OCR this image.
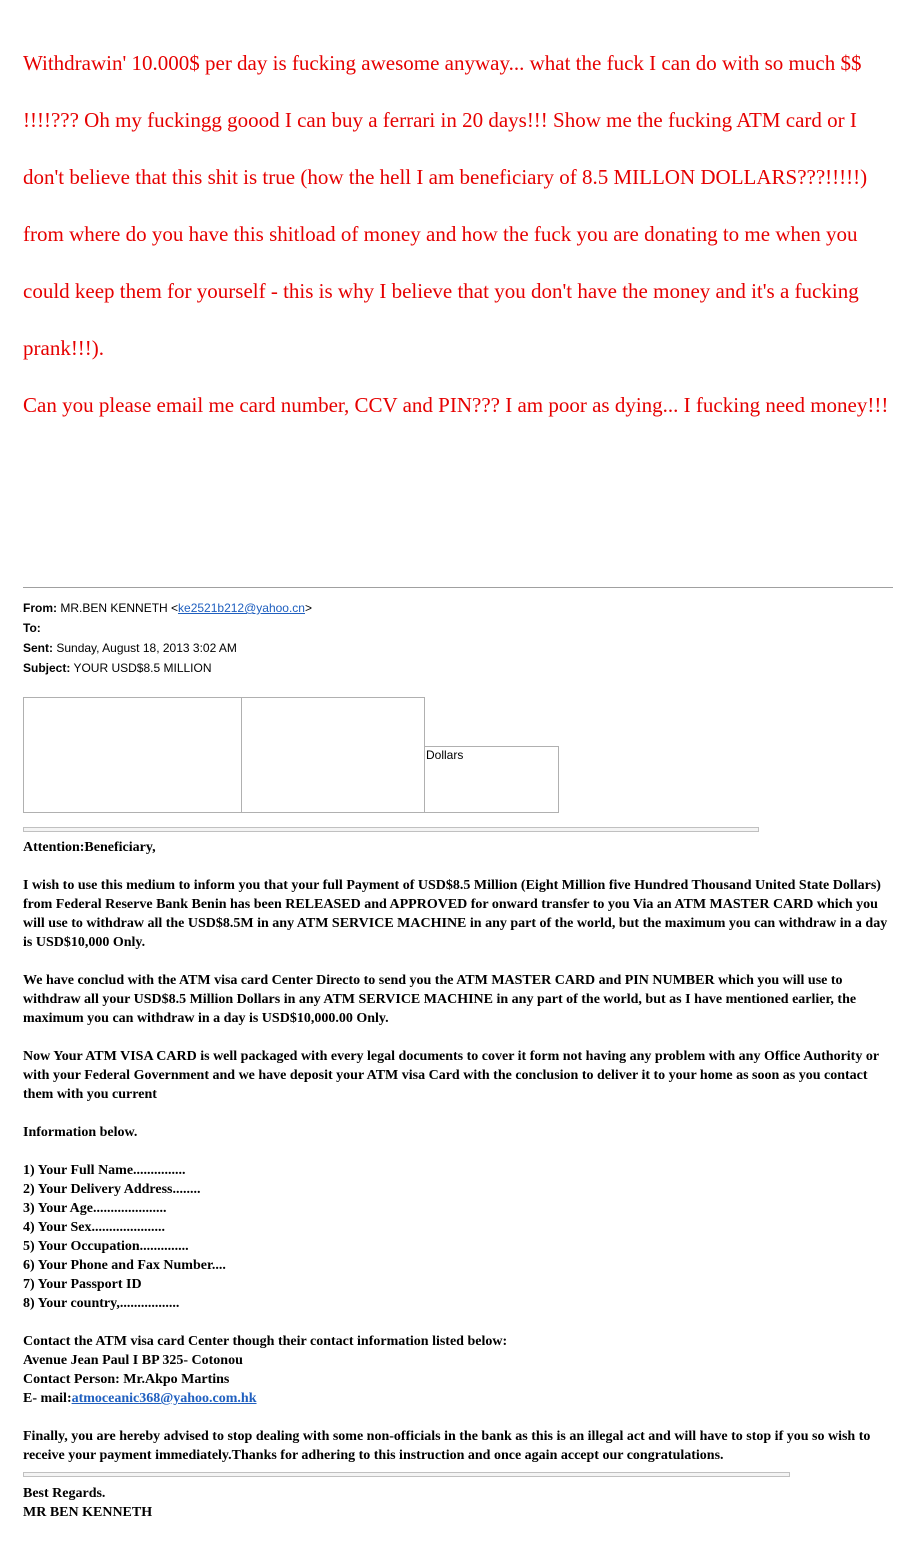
Withdrawin' 10.000$ per day is fucking awesome anyway... what the fuck I can do with so much $$ !!!!??? Oh my fuckingg goood I can buy a ferrari in 20 days!!! Show me the fucking ATM card or I don't believe that this shit is true (how the hell I am beneficiary of 8.5 MILLON DOLLARS???!!!!!)

from where do you have this shitload of money and how the fuck you are donating to me when you could keep them for yourself - this is why I believe that you don't have the money and it's a fucking prank!!!).

Can you please email me card number, CCV and PIN??? I am poor as dying... I fucking need money!!!

From: MR.BEN KENNETH <ke2521b212@yahoo.cn>
To:
Sent: Sunday, August 18, 2013 3:02 AM
Subject: YOUR USD$8.5 MILLION
Dollars

Attention:Beneficiary,

I wish to use this medium to inform you that your full Payment of USD$8.5 Million (Eight Million five Hundred Thousand United State Dollars) from Federal Reserve Bank Benin has been RELEASED and APPROVED for onward transfer to you Via an ATM MASTER CARD which you will use to withdraw all the USD$8.5M in any ATM SERVICE MACHINE in any part of the world, but the maximum you can withdraw in a day is USD$10,000 Only.

We have conclud with the ATM visa card Center Directo to send you the ATM MASTER CARD and PIN NUMBER which you will use to withdraw all your USD$8.5 Million Dollars in any ATM SERVICE MACHINE in any part of the world, but as I have mentioned earlier, the maximum you can withdraw in a day is USD$10,000.00 Only.

Now Your ATM VISA CARD is well packaged with every legal documents to cover it form not having any problem with any Office Authority or with your Federal Government and we have deposit your ATM visa Card with the conclusion to deliver it to your home as soon as you contact them with you current

Information below.

1) Your Full Name...............

2) Your Delivery Address........

3) Your Age.....................

4) Your Sex.....................

5) Your Occupation..............

6) Your Phone and Fax Number....

7) Your Passport ID

8) Your country,.................

Contact the ATM visa card Center though their contact information listed below:

Avenue Jean Paul I BP 325- Cotonou

Contact Person: Mr.Akpo Martins

E- mail:atmoceanic368@yahoo.com.hk

Finally, you are hereby advised to stop dealing with some non-officials in the bank as this is an illegal act and will have to stop if you so wish to receive your payment immediately.Thanks for adhering to this instruction and once again accept our congratulations.

Best Regards.

MR BEN KENNETH
